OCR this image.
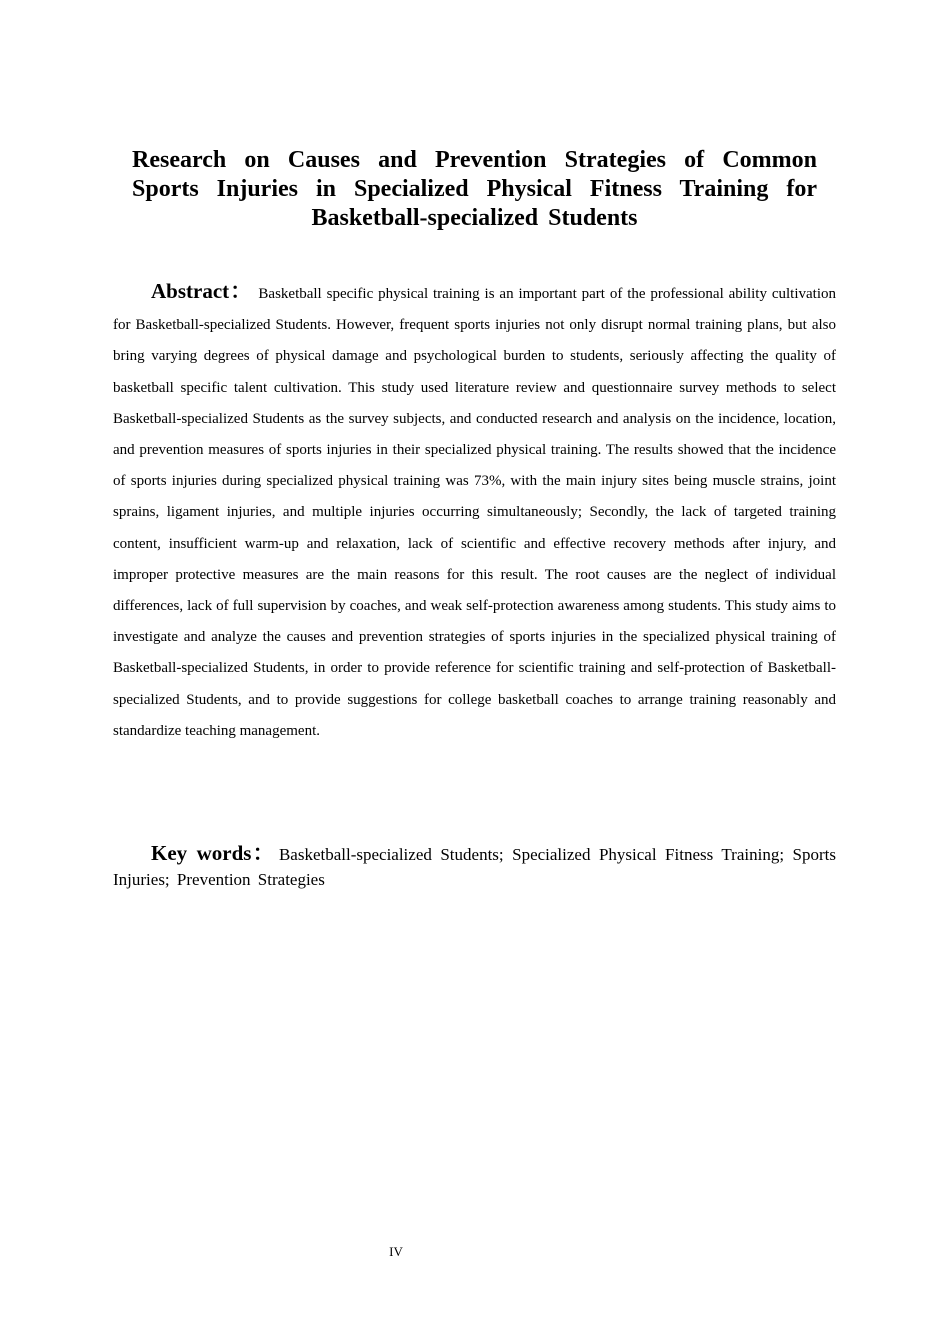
Research on Causes and Prevention Strategies of Common Sports Injuries in Specialized Physical Fitness Training for Basketball-specialized Students

Abstract： Basketball specific physical training is an important part of the professional ability cultivation for Basketball-specialized Students. However, frequent sports injuries not only disrupt normal training plans, but also bring varying degrees of physical damage and psychological burden to students, seriously affecting the quality of basketball specific talent cultivation. This study used literature review and questionnaire survey methods to select Basketball-specialized Students as the survey subjects, and conducted research and analysis on the incidence, location, and prevention measures of sports injuries in their specialized physical training. The results showed that the incidence of sports injuries during specialized physical training was 73%, with the main injury sites being muscle strains, joint sprains, ligament injuries, and multiple injuries occurring simultaneously; Secondly, the lack of targeted training content, insufficient warm-up and relaxation, lack of scientific and effective recovery methods after injury, and improper protective measures are the main reasons for this result. The root causes are the neglect of individual differences, lack of full supervision by coaches, and weak self-protection awareness among students. This study aims to investigate and analyze the causes and prevention strategies of sports injuries in the specialized physical training of Basketball-specialized Students, in order to provide reference for scientific training and self-protection of Basketball-specialized Students, and to provide suggestions for college basketball coaches to arrange training reasonably and standardize teaching management.

Key words： Basketball-specialized Students; Specialized Physical Fitness Training; Sports Injuries; Prevention Strategies

IV
